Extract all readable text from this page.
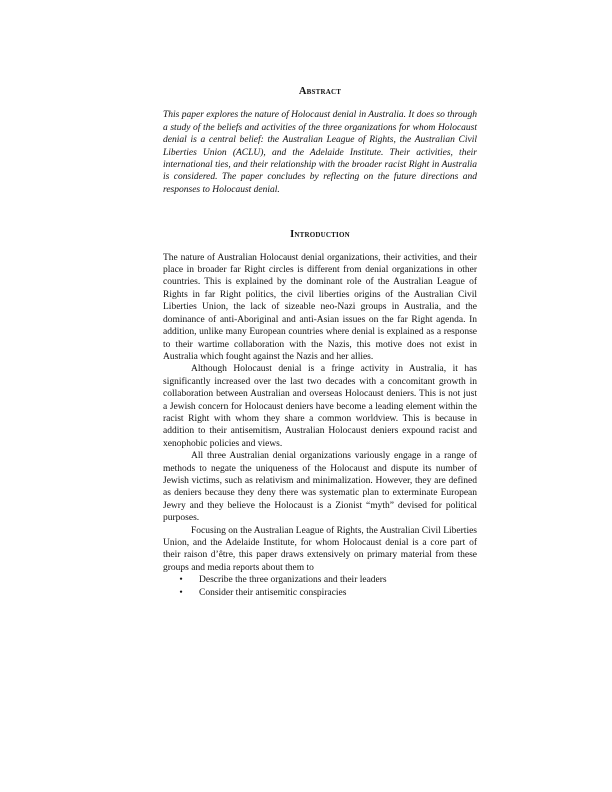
Abstract

This paper explores the nature of Holocaust denial in Australia. It does so through a study of the beliefs and activities of the three organizations for whom Holocaust denial is a central belief: the Australian League of Rights, the Australian Civil Liberties Union (ACLU), and the Adelaide Institute. Their activities, their international ties, and their relationship with the broader racist Right in Australia is considered. The paper concludes by reflecting on the future directions and responses to Holocaust denial.

Introduction

The nature of Australian Holocaust denial organizations, their activities, and their place in broader far Right circles is different from denial organizations in other countries. This is explained by the dominant role of the Australian League of Rights in far Right politics, the civil liberties origins of the Australian Civil Liberties Union, the lack of sizeable neo-Nazi groups in Australia, and the dominance of anti-Aboriginal and anti-Asian issues on the far Right agenda. In addition, unlike many European countries where denial is explained as a response to their wartime collaboration with the Nazis, this motive does not exist in Australia which fought against the Nazis and her allies.

Although Holocaust denial is a fringe activity in Australia, it has significantly increased over the last two decades with a concomitant growth in collaboration between Australian and overseas Holocaust deniers. This is not just a Jewish concern for Holocaust deniers have become a leading element within the racist Right with whom they share a common worldview. This is because in addition to their antisemitism, Australian Holocaust deniers expound racist and xenophobic policies and views.

All three Australian denial organizations variously engage in a range of methods to negate the uniqueness of the Holocaust and dispute its number of Jewish victims, such as relativism and minimalization. However, they are defined as deniers because they deny there was systematic plan to exterminate European Jewry and they believe the Holocaust is a Zionist “myth” devised for political purposes.

Focusing on the Australian League of Rights, the Australian Civil Liberties Union, and the Adelaide Institute, for whom Holocaust denial is a core part of their raison d’être, this paper draws extensively on primary material from these groups and media reports about them to

•	Describe the three organizations and their leaders
•	Consider their antisemitic conspiracies
